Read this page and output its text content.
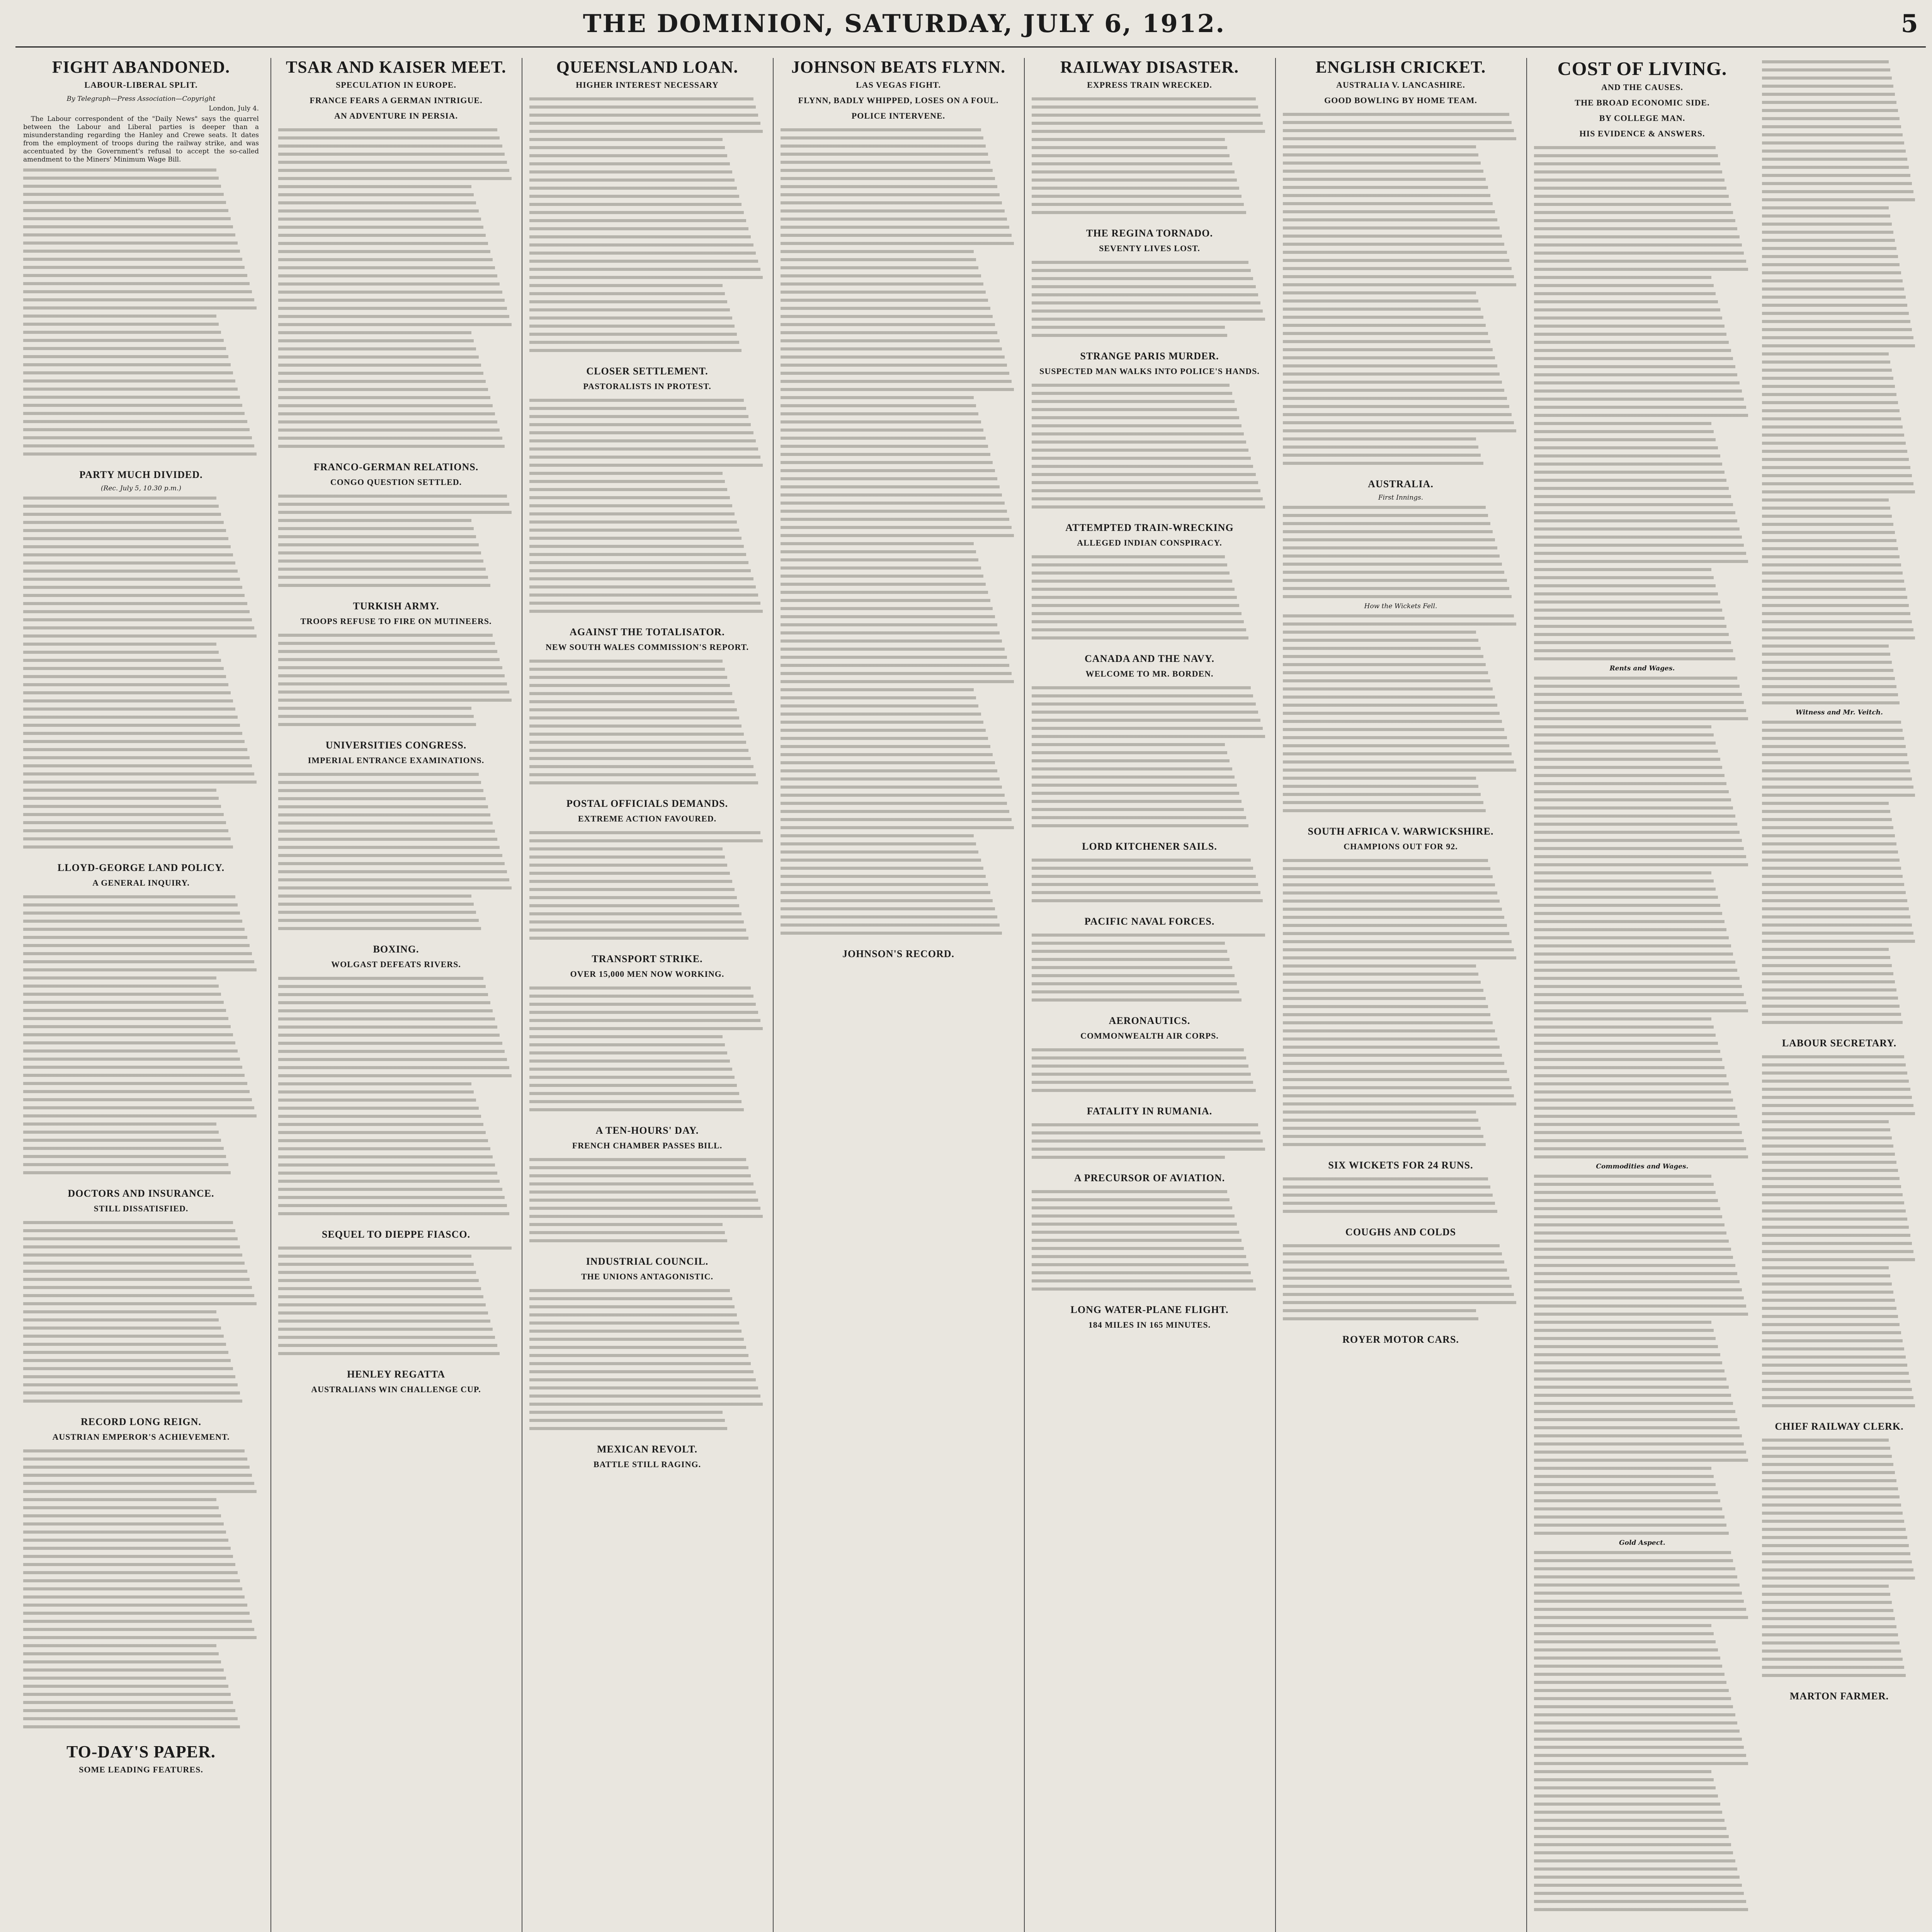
THE DOMINION, SATURDAY, JULY 6, 1912.	5
FIGHT ABANDONED.
LABOUR-LIBERAL SPLIT.
By Telegraph—Press Association—Copyright
London, July 4.

The Labour correspondent of the "Daily News" says the quarrel between the Labour and Liberal parties is deeper than a misunderstanding regarding the Hanley and Crewe seats. It dates from the employment of troops during the railway strike, and was accentuated by the Government's refusal to accept the so-called amendment to the Miners' Minimum Wage Bill.

PARTY MUCH DIVIDED.
(Rec. July 5, 10.30 p.m.)
LLOYD-GEORGE LAND POLICY.
A GENERAL INQUIRY.
DOCTORS AND INSURANCE.
STILL DISSATISFIED.
RECORD LONG REIGN.
AUSTRIAN EMPEROR'S ACHIEVEMENT.
TO-DAY'S PAPER.
SOME LEADING FEATURES.
TSAR AND KAISER MEET.
SPECULATION IN EUROPE.
FRANCE FEARS A GERMAN INTRIGUE.
AN ADVENTURE IN PERSIA.
FRANCO-GERMAN RELATIONS.
CONGO QUESTION SETTLED.
TURKISH ARMY.
TROOPS REFUSE TO FIRE ON MUTINEERS.
UNIVERSITIES CONGRESS.
IMPERIAL ENTRANCE EXAMINATIONS.
BOXING.
WOLGAST DEFEATS RIVERS.
SEQUEL TO DIEPPE FIASCO.
HENLEY REGATTA
AUSTRALIANS WIN CHALLENGE CUP.
QUEENSLAND LOAN.
HIGHER INTEREST NECESSARY
CLOSER SETTLEMENT.
PASTORALISTS IN PROTEST.
AGAINST THE TOTALISATOR.
NEW SOUTH WALES COMMISSION'S REPORT.
POSTAL OFFICIALS DEMANDS.
EXTREME ACTION FAVOURED.
TRANSPORT STRIKE.
OVER 15,000 MEN NOW WORKING.
A TEN-HOURS' DAY.
FRENCH CHAMBER PASSES BILL.
INDUSTRIAL COUNCIL.
THE UNIONS ANTAGONISTIC.
MEXICAN REVOLT.
BATTLE STILL RAGING.
JOHNSON BEATS FLYNN.
LAS VEGAS FIGHT.
FLYNN, BADLY WHIPPED, LOSES ON A FOUL.
POLICE INTERVENE.
JOHNSON'S RECORD.
RAILWAY DISASTER.
EXPRESS TRAIN WRECKED.
THE REGINA TORNADO.
SEVENTY LIVES LOST.
STRANGE PARIS MURDER.
SUSPECTED MAN WALKS INTO POLICE'S HANDS.
ATTEMPTED TRAIN-WRECKING
ALLEGED INDIAN CONSPIRACY.
CANADA AND THE NAVY.
WELCOME TO MR. BORDEN.
LORD KITCHENER SAILS.
PACIFIC NAVAL FORCES.
AERONAUTICS.
COMMONWEALTH AIR CORPS.
FATALITY IN RUMANIA.
A PRECURSOR OF AVIATION.
LONG WATER-PLANE FLIGHT.
184 MILES IN 165 MINUTES.
ENGLISH CRICKET.
AUSTRALIA V. LANCASHIRE.
GOOD BOWLING BY HOME TEAM.
AUSTRALIA.
First Innings.
How the Wickets Fell.
SOUTH AFRICA V. WARWICKSHIRE.
CHAMPIONS OUT FOR 92.
SIX WICKETS FOR 24 RUNS.
COUGHS AND COLDS
ROYER MOTOR CARS.
COST OF LIVING.
AND THE CAUSES.
THE BROAD ECONOMIC SIDE.
BY COLLEGE MAN.
HIS EVIDENCE & ANSWERS.
Rents and Wages.
Commodities and Wages.
Gold Aspect.
Witness and Mr. Veitch.
LABOUR SECRETARY.
CHIEF RAILWAY CLERK.
MARTON FARMER.
